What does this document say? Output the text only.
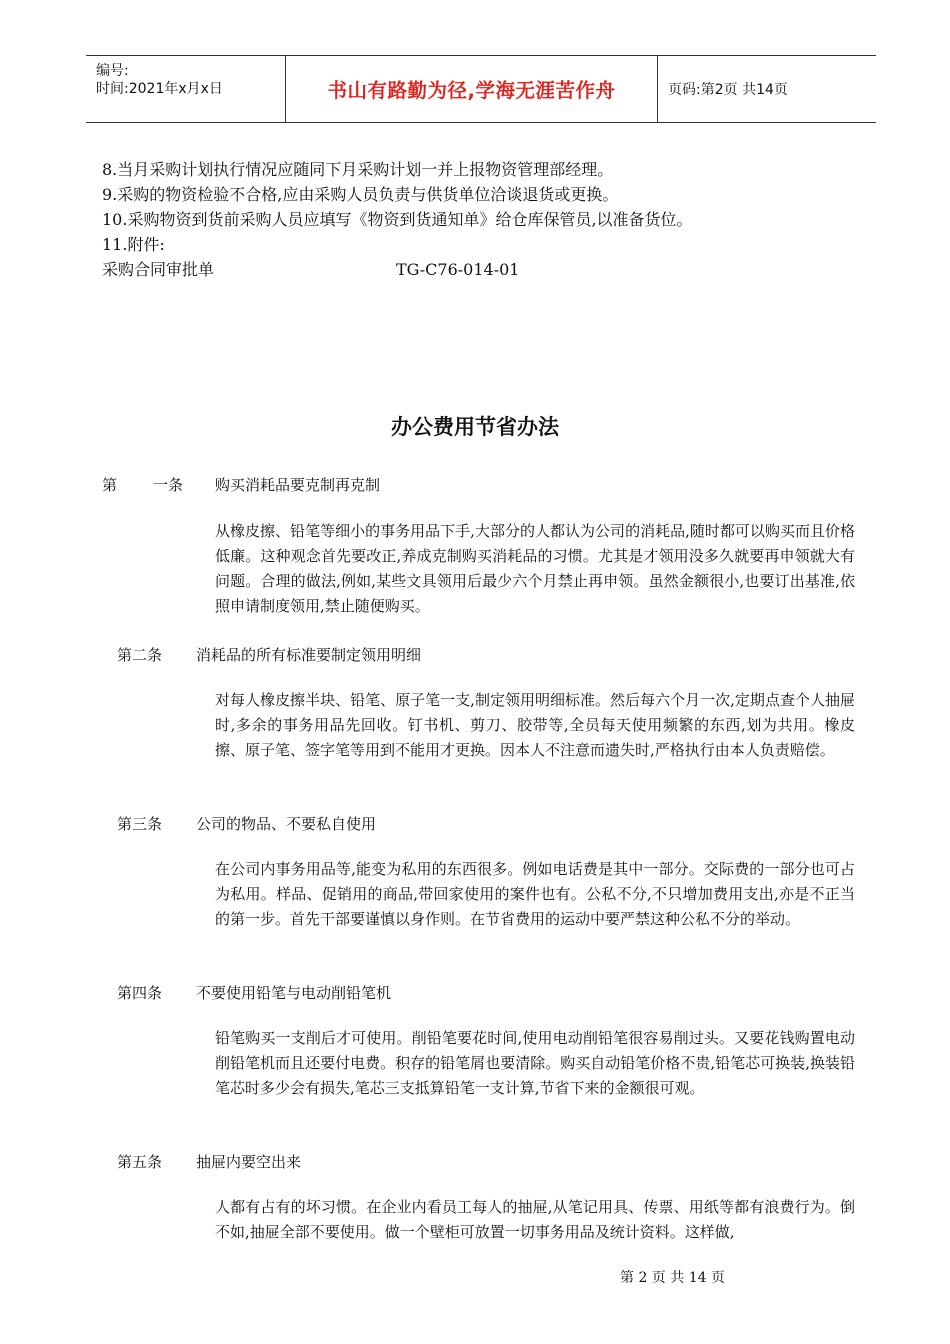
编号:
时间:2021年x月x日	书山有路勤为径,学海无涯苦作舟	页码:第2页 共14页
8.当月采购计划执行情况应随同下月采购计划一并上报物资管理部经理。
9.采购的物资检验不合格,应由采购人员负责与供货单位洽谈退货或更换。
10.采购物资到货前采购人员应填写《物资到货通知单》给仓库保管员,以准备货位。
11.附件:
采购合同审批单	TG-C76-014-01
办公费用节省办法
第 一条 购买消耗品要克制再克制
从橡皮擦、铅笔等细小的事务用品下手,大部分的人都认为公司的消耗品,随时都可以购买而且价格低廉。这种观念首先要改正,养成克制购买消耗品的习惯。尤其是才领用没多久就要再申领就大有问题。合理的做法,例如,某些文具领用后最少六个月禁止再申领。虽然金额很小,也要订出基准,依照申请制度领用,禁止随便购买。
第二条 消耗品的所有标准要制定领用明细
对每人橡皮擦半块、铅笔、原子笔一支,制定领用明细标准。然后每六个月一次,定期点查个人抽屉时,多余的事务用品先回收。钉书机、剪刀、胶带等,全员每天使用频繁的东西,划为共用。橡皮擦、原子笔、签字笔等用到不能用才更换。因本人不注意而遗失时,严格执行由本人负责赔偿。
第三条 公司的物品、不要私自使用
在公司内事务用品等,能变为私用的东西很多。例如电话费是其中一部分。交际费的一部分也可占为私用。样品、促销用的商品,带回家使用的案件也有。公私不分,不只增加费用支出,亦是不正当的第一步。首先干部要谨慎以身作则。在节省费用的运动中要严禁这种公私不分的举动。
第四条 不要使用铅笔与电动削铅笔机
铅笔购买一支削后才可使用。削铅笔要花时间,使用电动削铅笔很容易削过头。又要花钱购置电动削铅笔机而且还要付电费。积存的铅笔屑也要清除。购买自动铅笔价格不贵,铅笔芯可换装,换装铅笔芯时多少会有损失,笔芯三支抵算铅笔一支计算,节省下来的金额很可观。
第五条 抽屉内要空出来
人都有占有的坏习惯。在企业内看员工每人的抽屉,从笔记用具、传票、用纸等都有浪费行为。倒不如,抽屉全部不要使用。做一个壁柜可放置一切事务用品及统计资料。这样做,
第 2 页 共 14 页
